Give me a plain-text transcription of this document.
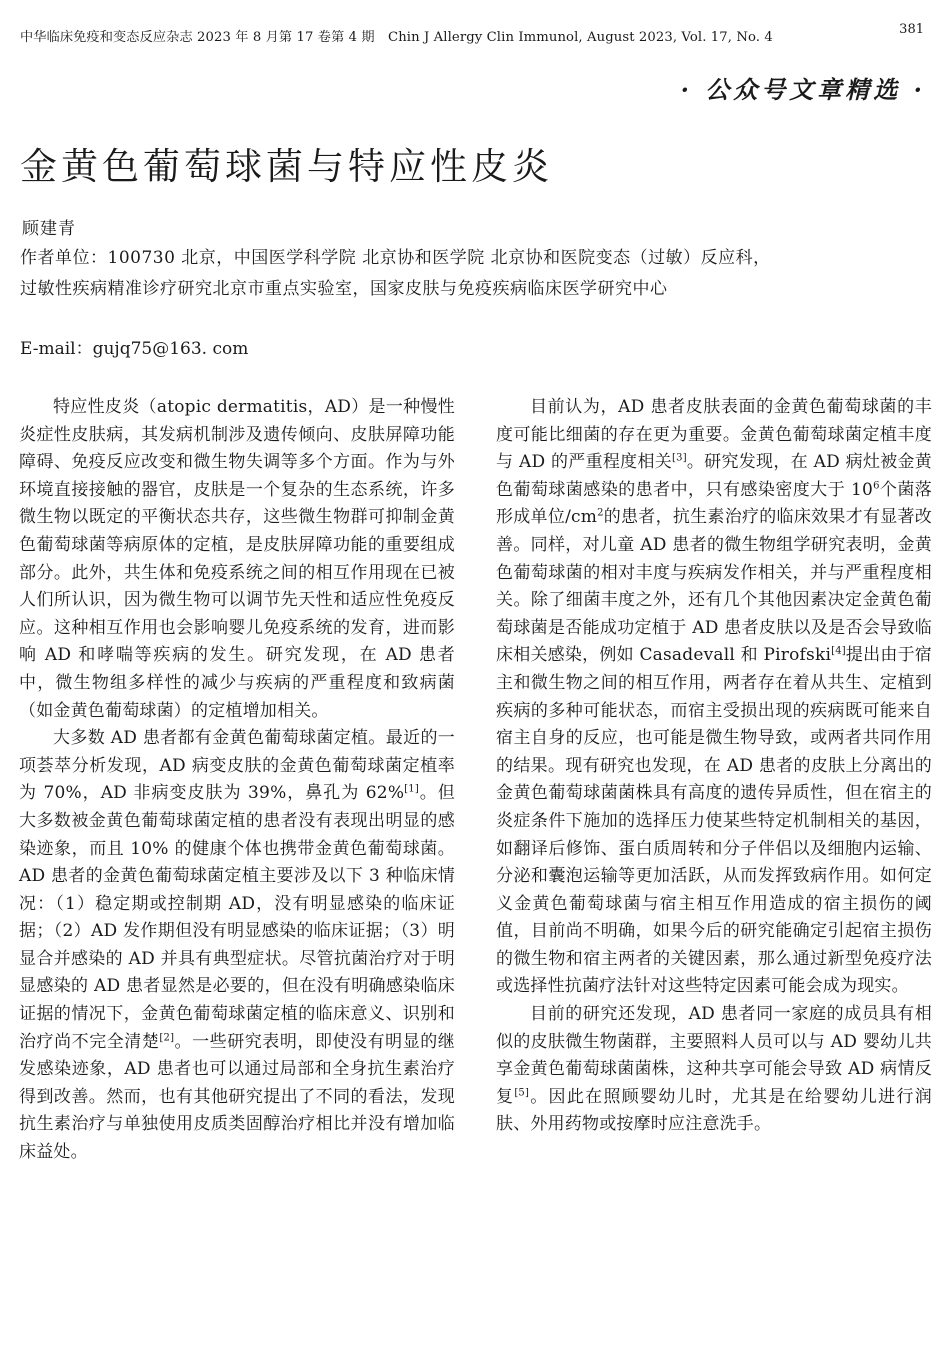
中华临床免疫和变态反应杂志 2023 年 8 月第 17 卷第 4 期　Chin J Allergy Clin Immunol, August 2023, Vol. 17, No. 4
381
· 公众号文章精选 ·
金黄色葡萄球菌与特应性皮炎
顾建青
作者单位：100730 北京，中国医学科学院 北京协和医学院 北京协和医院变态（过敏）反应科，过敏性疾病精准诊疗研究北京市重点实验室，国家皮肤与免疫疾病临床医学研究中心
E-mail：gujq75@163. com

特应性皮炎（atopic dermatitis，AD）是一种慢性炎症性皮肤病，其发病机制涉及遗传倾向、皮肤屏障功能障碍、免疫反应改变和微生物失调等多个方面。作为与外环境直接接触的器官，皮肤是一个复杂的生态系统，许多微生物以既定的平衡状态共存，这些微生物群可抑制金黄色葡萄球菌等病原体的定植，是皮肤屏障功能的重要组成部分。此外，共生体和免疫系统之间的相互作用现在已被人们所认识，因为微生物可以调节先天性和适应性免疫反应。这种相互作用也会影响婴儿免疫系统的发育，进而影响 AD 和哮喘等疾病的发生。研究发现，在 AD 患者中，微生物组多样性的减少与疾病的严重程度和致病菌（如金黄色葡萄球菌）的定植增加相关。

大多数 AD 患者都有金黄色葡萄球菌定植。最近的一项荟萃分析发现，AD 病变皮肤的金黄色葡萄球菌定植率为 70%，AD 非病变皮肤为 39%，鼻孔为 62%[1]。但大多数被金黄色葡萄球菌定植的患者没有表现出明显的感染迹象，而且 10% 的健康个体也携带金黄色葡萄球菌。AD 患者的金黄色葡萄球菌定植主要涉及以下 3 种临床情况：（1）稳定期或控制期 AD，没有明显感染的临床证据；（2）AD 发作期但没有明显感染的临床证据；（3）明显合并感染的 AD 并具有典型症状。尽管抗菌治疗对于明显感染的 AD 患者显然是必要的，但在没有明确感染临床证据的情况下，金黄色葡萄球菌定植的临床意义、识别和治疗尚不完全清楚[2]。一些研究表明，即使没有明显的继发感染迹象，AD 患者也可以通过局部和全身抗生素治疗得到改善。然而，也有其他研究提出了不同的看法，发现抗生素治疗与单独使用皮质类固醇治疗相比并没有增加临床益处。

目前认为，AD 患者皮肤表面的金黄色葡萄球菌的丰度可能比细菌的存在更为重要。金黄色葡萄球菌定植丰度与 AD 的严重程度相关[3]。研究发现，在 AD 病灶被金黄色葡萄球菌感染的患者中，只有感染密度大于 $10^6$个菌落形成单位$/cm^2$的患者，抗生素治疗的临床效果才有显著改善。同样，对儿童 AD 患者的微生物组学研究表明，金黄色葡萄球菌的相对丰度与疾病发作相关，并与严重程度相关。除了细菌丰度之外，还有几个其他因素决定金黄色葡萄球菌是否能成功定植于 AD 患者皮肤以及是否会导致临床相关感染，例如 Casadevall 和 Pirofski[4]提出由于宿主和微生物之间的相互作用，两者存在着从共生、定植到疾病的多种可能状态，而宿主受损出现的疾病既可能来自宿主自身的反应，也可能是微生物导致，或两者共同作用的结果。现有研究也发现，在 AD 患者的皮肤上分离出的金黄色葡萄球菌菌株具有高度的遗传异质性，但在宿主的炎症条件下施加的选择压力使某些特定机制相关的基因，如翻译后修饰、蛋白质周转和分子伴侣以及细胞内运输、分泌和囊泡运输等更加活跃，从而发挥致病作用。如何定义金黄色葡萄球菌与宿主相互作用造成的宿主损伤的阈值，目前尚不明确，如果今后的研究能确定引起宿主损伤的微生物和宿主两者的关键因素，那么通过新型免疫疗法或选择性抗菌疗法针对这些特定因素可能会成为现实。

目前的研究还发现，AD 患者同一家庭的成员具有相似的皮肤微生物菌群，主要照料人员可以与 AD 婴幼儿共享金黄色葡萄球菌菌株，这种共享可能会导致 AD 病情反复[5]。因此在照顾婴幼儿时，尤其是在给婴幼儿进行润肤、外用药物或按摩时应注意洗手。
